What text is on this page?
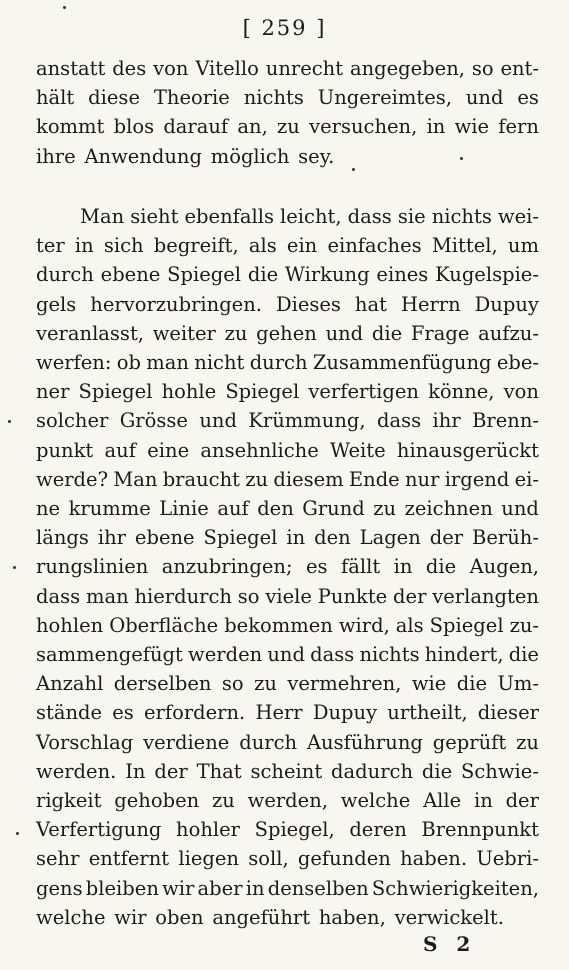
[ 259 ]
anstatt des von Vitello unrecht angegeben, so ent-
hält diese Theorie nichts Ungereimtes, und es
kommt blos darauf an, zu versuchen, in wie fern
ihre Anwendung möglich sey.
Man sieht ebenfalls leicht, dass sie nichts wei-
ter in sich begreift, als ein einfaches Mittel, um
durch ebene Spiegel die Wirkung eines Kugelspie-
gels hervorzubringen. Dieses hat Herrn Dupuy
veranlasst, weiter zu gehen und die Frage aufzu-
werfen: ob man nicht durch Zusammenfügung ebe-
ner Spiegel hohle Spiegel verfertigen könne, von
solcher Grösse und Krümmung, dass ihr Brenn-
punkt auf eine ansehnliche Weite hinausgerückt
werde? Man braucht zu diesem Ende nur irgend ei-
ne krumme Linie auf den Grund zu zeichnen und
längs ihr ebene Spiegel in den Lagen der Berüh-
rungslinien anzubringen; es fällt in die Augen,
dass man hierdurch so viele Punkte der verlangten
hohlen Oberfläche bekommen wird, als Spiegel zu-
sammengefügt werden und dass nichts hindert, die
Anzahl derselben so zu vermehren, wie die Um-
stände es erfordern. Herr Dupuy urtheilt, dieser
Vorschlag verdiene durch Ausführung geprüft zu
werden. In der That scheint dadurch die Schwie-
rigkeit gehoben zu werden, welche Alle in der
Verfertigung hohler Spiegel, deren Brennpunkt
sehr entfernt liegen soll, gefunden haben. Uebri-
gens bleiben wir aber in denselben Schwierigkeiten,
welche wir oben angeführt haben, verwickelt.
S 2
